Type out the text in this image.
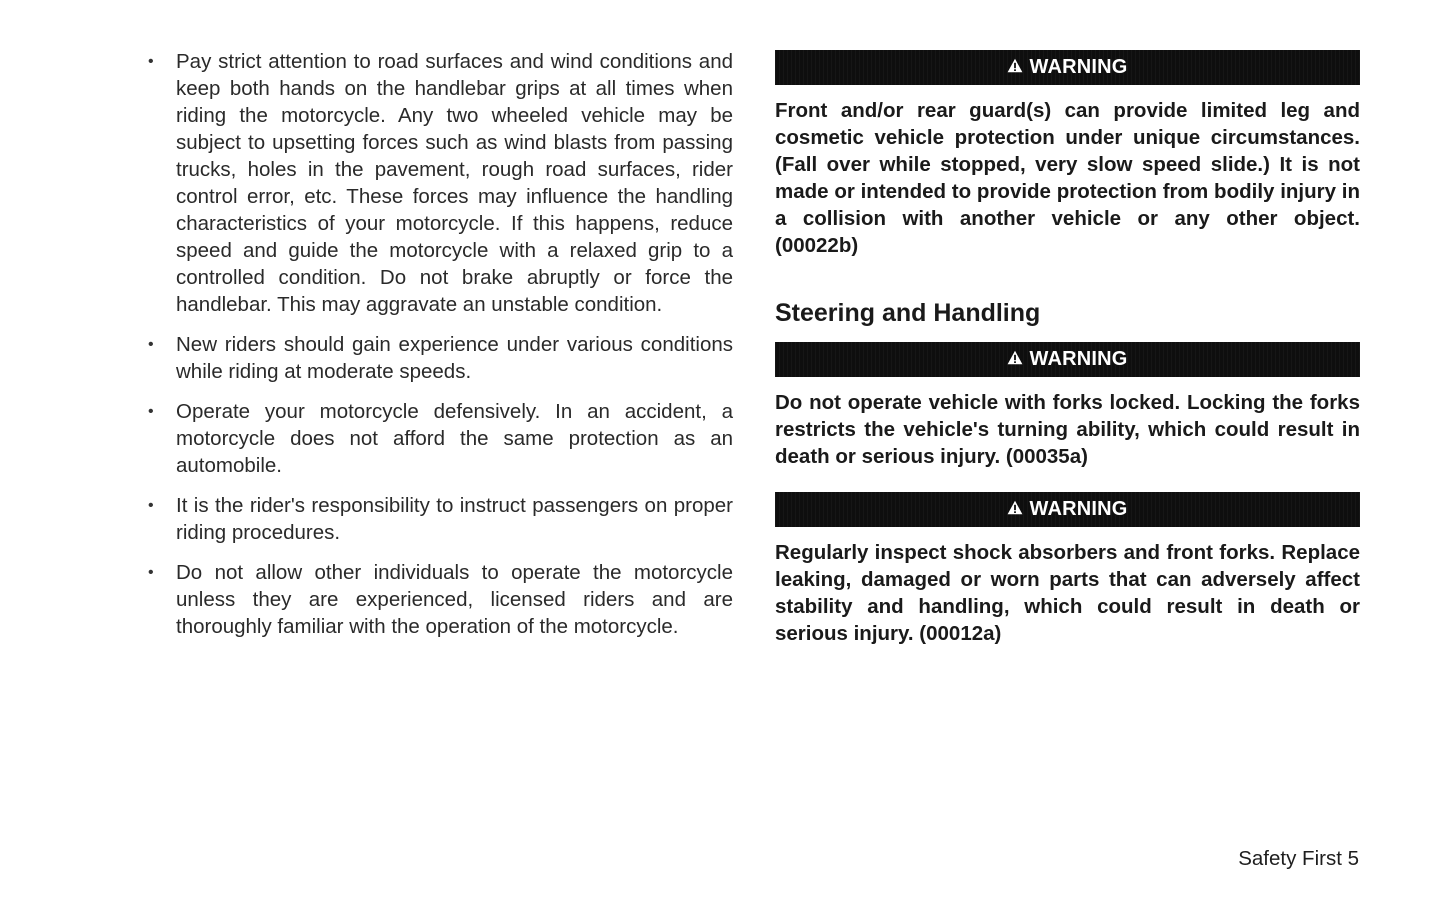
• Pay strict attention to road surfaces and wind conditions and keep both hands on the handlebar grips at all times when riding the motorcycle. Any two wheeled vehicle may be subject to upsetting forces such as wind blasts from passing trucks, holes in the pavement, rough road surfaces, rider control error, etc. These forces may influence the handling characteristics of your motorcycle. If this happens, reduce speed and guide the motorcycle with a relaxed grip to a controlled condition. Do not brake abruptly or force the handlebar. This may aggravate an unstable condition.
• New riders should gain experience under various conditions while riding at moderate speeds.
• Operate your motorcycle defensively. In an accident, a motorcycle does not afford the same protection as an automobile.
• It is the rider's responsibility to instruct passengers on proper riding procedures.
• Do not allow other individuals to operate the motorcycle unless they are experienced, licensed riders and are thoroughly familiar with the operation of the motorcycle.
WARNING
Front and/or rear guard(s) can provide limited leg and cosmetic vehicle protection under unique circumstances. (Fall over while stopped, very slow speed slide.) It is not made or intended to provide protection from bodily injury in a collision with another vehicle or any other object. (00022b)
Steering and Handling
WARNING
Do not operate vehicle with forks locked. Locking the forks restricts the vehicle's turning ability, which could result in death or serious injury. (00035a)
WARNING
Regularly inspect shock absorbers and front forks. Replace leaking, damaged or worn parts that can adversely affect stability and handling, which could result in death or serious injury. (00012a)
Safety First 5
